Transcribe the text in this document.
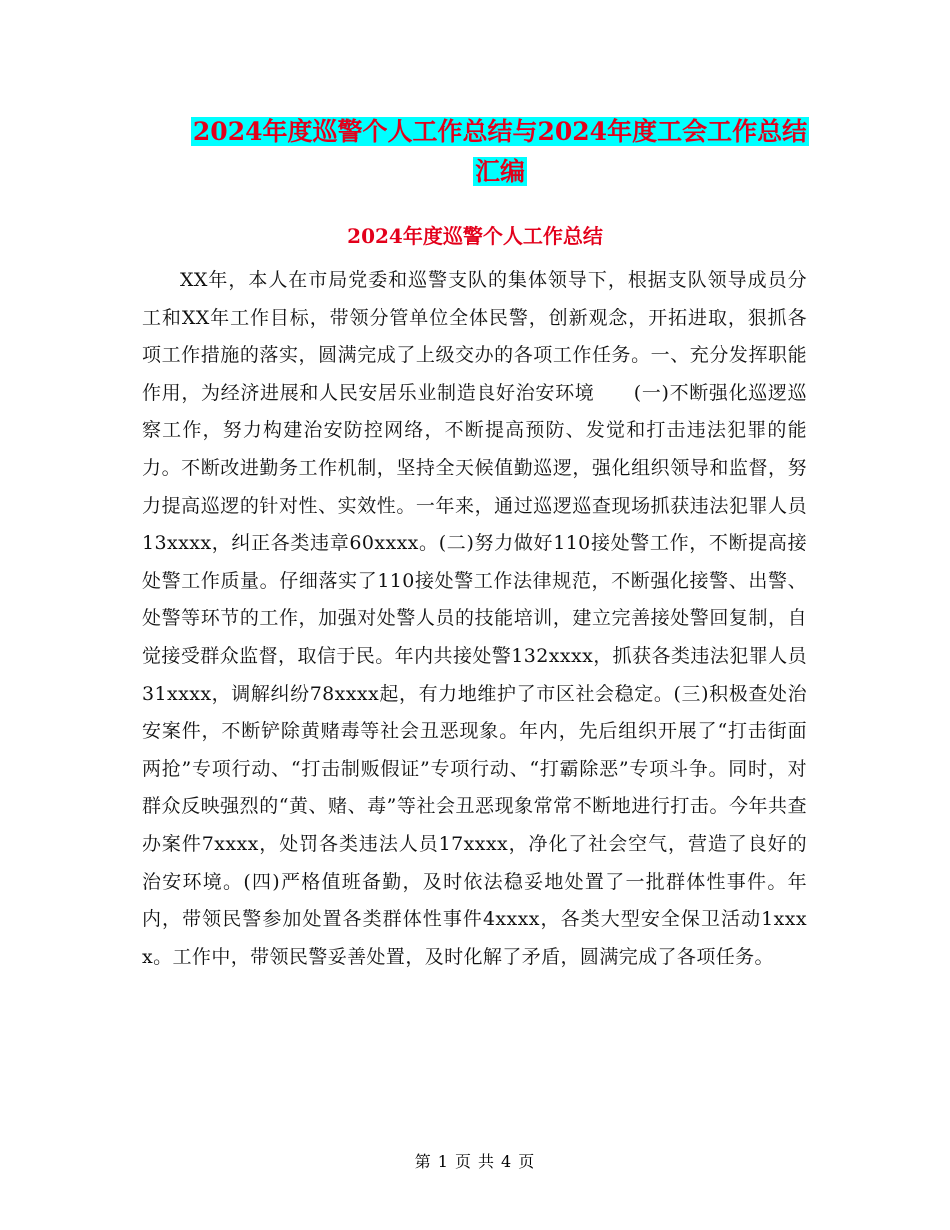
2024年度巡警个人工作总结与2024年度工会工作总结
汇编
2024年度巡警个人工作总结
XX年，本人在市局党委和巡警支队的集体领导下，根据支队领导成员分工和XX年工作目标，带领分管单位全体民警，创新观念，开拓进取，狠抓各项工作措施的落实，圆满完成了上级交办的各项工作任务。一、充分发挥职能作用，为经济进展和人民安居乐业制造良好治安环境　　(一)不断强化巡逻巡察工作，努力构建治安防控网络，不断提高预防、发觉和打击违法犯罪的能力。不断改进勤务工作机制，坚持全天候值勤巡逻，强化组织领导和监督，努力提高巡逻的针对性、实效性。一年来，通过巡逻巡查现场抓获违法犯罪人员13xxxx，纠正各类违章60xxxx。(二)努力做好110接处警工作，不断提高接处警工作质量。仔细落实了110接处警工作法律规范，不断强化接警、出警、处警等环节的工作，加强对处警人员的技能培训，建立完善接处警回复制，自觉接受群众监督，取信于民。年内共接处警132xxxx，抓获各类违法犯罪人员31xxxx，调解纠纷78xxxx起，有力地维护了市区社会稳定。(三)积极查处治安案件，不断铲除黄赌毒等社会丑恶现象。年内，先后组织开展了“打击街面两抢”专项行动、“打击制贩假证”专项行动、“打霸除恶”专项斗争。同时，对群众反映强烈的“黄、赌、毒”等社会丑恶现象常常不断地进行打击。今年共查办案件7xxxx，处罚各类违法人员17xxxx，净化了社会空气，营造了良好的治安环境。(四)严格值班备勤，及时依法稳妥地处置了一批群体性事件。年内，带领民警参加处置各类群体性事件4xxxx，各类大型安全保卫活动1xxxx。工作中，带领民警妥善处置，及时化解了矛盾，圆满完成了各项任务。
第 1 页 共 4 页
